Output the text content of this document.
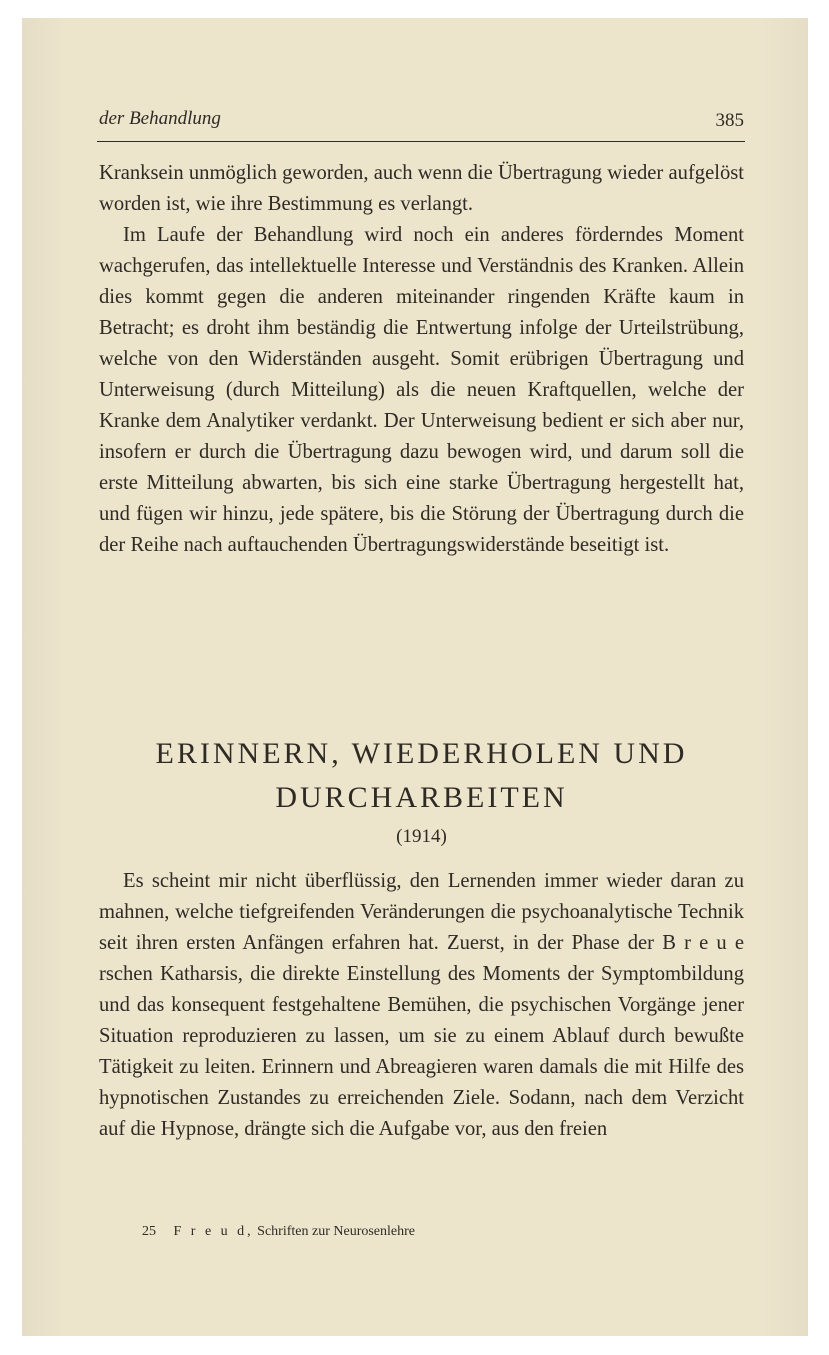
der Behandlung	385

Kranksein unmöglich geworden, auch wenn die Übertragung wieder aufgelöst worden ist, wie ihre Bestimmung es verlangt.

Im Laufe der Behandlung wird noch ein anderes förderndes Moment wachgerufen, das intellektuelle Interesse und Verständnis des Kranken. Allein dies kommt gegen die anderen miteinander ringenden Kräfte kaum in Betracht; es droht ihm beständig die Entwertung infolge der Urteilstrübung, welche von den Widerständen ausgeht. Somit erübrigen Übertragung und Unterweisung (durch Mitteilung) als die neuen Kraftquellen, welche der Kranke dem Analytiker verdankt. Der Unterweisung bedient er sich aber nur, insofern er durch die Übertragung dazu bewogen wird, und darum soll die erste Mitteilung abwarten, bis sich eine starke Übertragung hergestellt hat, und fügen wir hinzu, jede spätere, bis die Störung der Übertragung durch die der Reihe nach auftauchenden Übertragungswiderstände beseitigt ist.

ERINNERN, WIEDERHOLEN UND
DURCHARBEITEN
(1914)

Es scheint mir nicht überflüssig, den Lernenden immer wieder daran zu mahnen, welche tiefgreifenden Veränderungen die psychoanalytische Technik seit ihren ersten Anfängen erfahren hat. Zuerst, in der Phase der B r e u e rschen Katharsis, die direkte Einstellung des Moments der Symptombildung und das konsequent festgehaltene Bemühen, die psychischen Vorgänge jener Situation reproduzieren zu lassen, um sie zu einem Ablauf durch bewußte Tätigkeit zu leiten. Erinnern und Abreagieren waren damals die mit Hilfe des hypnotischen Zustandes zu erreichenden Ziele. Sodann, nach dem Verzicht auf die Hypnose, drängte sich die Aufgabe vor, aus den freien

25 F r e u d, Schriften zur Neurosenlehre
